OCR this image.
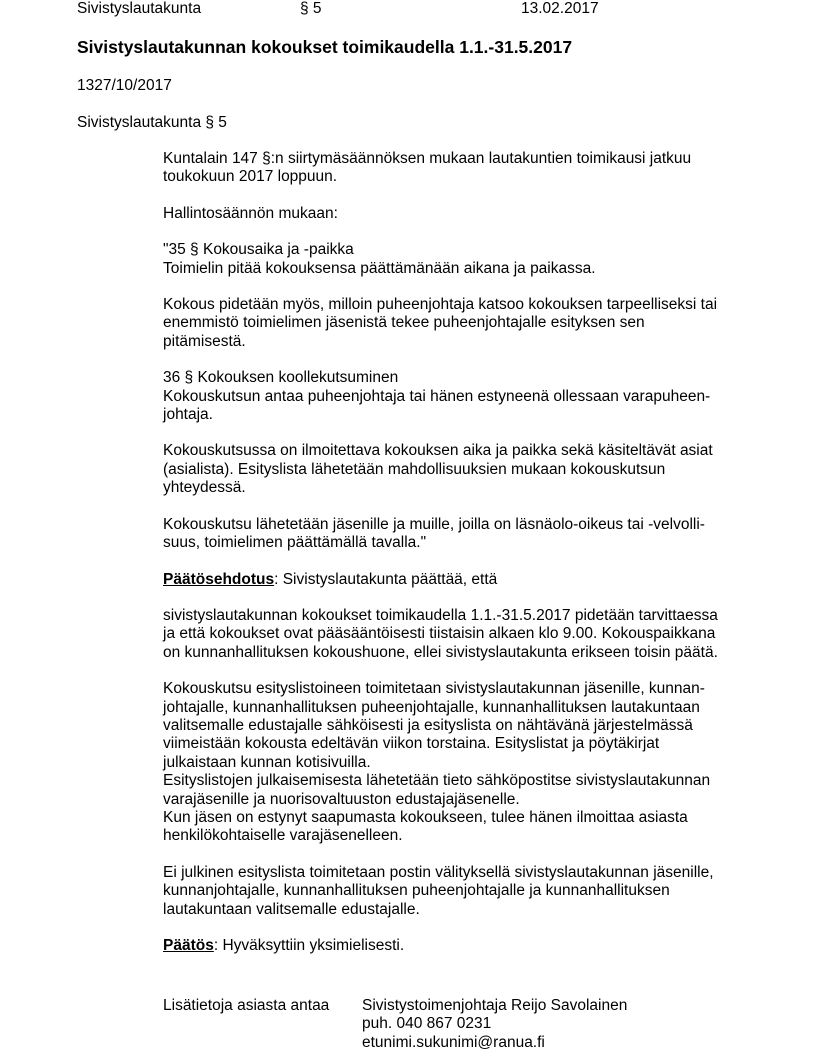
Sivistyslautakunta	§ 5	13.02.2017
Sivistyslautakunnan kokoukset toimikaudella 1.1.-31.5.2017
1327/10/2017
Sivistyslautakunta § 5

Kuntalain 147 §:n siirtymäsäännöksen mukaan lautakuntien toimikausi jatkuu
toukokuun 2017 loppuun.

Hallintosäännön mukaan:

"35 § Kokousaika ja -paikka
Toimielin pitää kokouksensa päättämänään aikana ja paikassa.

Kokous pidetään myös, milloin puheenjohtaja katsoo kokouksen tarpeelliseksi tai
enemmistö toimielimen jäsenistä tekee puheenjohtajalle esityksen sen
pitämisestä.

36 § Kokouksen koollekutsuminen
Kokouskutsun antaa puheenjohtaja tai hänen estyneenä ollessaan varapuheen-
johtaja.

Kokouskutsussa on ilmoitettava kokouksen aika ja paikka sekä käsiteltävät asiat
(asialista). Esityslista lähetetään mahdollisuuksien mukaan kokouskutsun
yhteydessä.

Kokouskutsu lähetetään jäsenille ja muille, joilla on läsnäolo-oikeus tai -velvolli-
suus, toimielimen päättämällä tavalla."

Päätösehdotus: Sivistyslautakunta päättää, että

sivistyslautakunnan kokoukset toimikaudella 1.1.-31.5.2017 pidetään tarvittaessa
ja että kokoukset ovat pääsääntöisesti tiistaisin alkaen klo 9.00. Kokouspaikkana
on kunnanhallituksen kokoushuone, ellei sivistyslautakunta erikseen toisin päätä.

Kokouskutsu esityslistoineen toimitetaan sivistyslautakunnan jäsenille, kunnan-
johtajalle, kunnanhallituksen puheenjohtajalle, kunnanhallituksen lautakuntaan
valitsemalle edustajalle sähköisesti ja esityslista on nähtävänä järjestelmässä
viimeistään kokousta edeltävän viikon torstaina. Esityslistat ja pöytäkirjat
julkaistaan kunnan kotisivuilla.
Esityslistojen julkaisemisesta lähetetään tieto sähköpostitse sivistyslautakunnan
varajäsenille ja nuorisovaltuuston edustajajäsenelle.
Kun jäsen on estynyt saapumasta kokoukseen, tulee hänen ilmoittaa asiasta
henkilökohtaiselle varajäsenelleen.

Ei julkinen esityslista toimitetaan postin välityksellä sivistyslautakunnan jäsenille,
kunnanjohtajalle, kunnanhallituksen puheenjohtajalle ja kunnanhallituksen
lautakuntaan valitsemalle edustajalle.

Päätös: Hyväksyttiin yksimielisesti.

Lisätietoja asiasta antaa Sivistystoimenjohtaja Reijo Savolainen
puh. 040 867 0231
etunimi.sukunimi@ranua.fi
